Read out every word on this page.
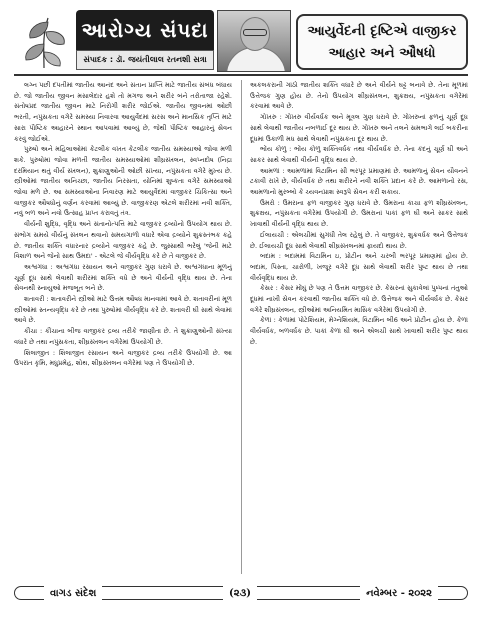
આરોગ્ય સંપદા
સંપાદક : ડૉ. જયંતીલાલ રતનશી સત્રા
આયુર્વેદની દૃષ્ટિએ વાજીકર
આહાર અને ઔષધો

લગ્ન પછી દંપતીમાં જાતીય આનંદ અને સંતાન પ્રાપ્તિ માટે જાતીય સંબંધ બંધાય છે. જો જાતીય જીવન મસાલેદાર હશે તો મગજ અને શરીર બંને તરોતાજા રહેશે. સંતોષપ્રદ જાતીય જીવન માટે નિરોગી શરીર જોઈએ. જાતીય જીવનમાં ઓછી ભરતી, નપુંસકતા વગેરે સમસ્યા નિવારવા આયુર્વેદમાં સરસ અને માનસિક તૃપ્તિ માટે સારા પૌષ્ટિક આહારને સ્થાન આપવામાં આવ્યું છે, જેથી પૌષ્ટિક આહારનું સેવન કરવું જોઈએ.

પુરુષો અને મહિલાઓમાં કેટલીક વખત કેટલીક જાતીય સમસ્યાઓ જોવા મળી શકે. પુરુષોમાં જોવા મળતી જાતીય સમસ્યાઓમાં શીઘ્રસ્ખલન, સ્વપ્નદોષ (નિદ્રા દરમિયાન થતું વીર્ય સ્ખલન), શુક્રાણુઓની ઓછી સંખ્યા, નપુંસકતા વગેરે મુખ્ય છે. સ્ત્રીઓમાં જાતીય અનિચ્છા, જાતીય નિરસતા, યોનિમાં શુષ્કતા વગેરે સમસ્યાઓ જોવા મળે છે. આ સમસ્યાઓના નિવારણ માટે આયુર્વેદમાં વાજીકર ચિકિત્સા અને વાજીકર ઔષધોનું વર્ણન કરવામાં આવ્યું છે. વાજીકરણ એટલે શરીરમાં નવી શક્તિ, નવું બળ અને નવો ઉત્સાહ પ્રાપ્ત કરાવતું તંત્ર.

વીર્યની શુદ્ધિ, વૃદ્ધિ અને સંતાનોત્પત્તિ માટે વાજીકર દ્રવ્યોનો ઉપયોગ થાય છે. સંભોગ સમયે વીર્યનું સ્ખલન થવાનો સમયગાળો વધારે એવા દ્રવ્યોને શુક્રસ્તંભક કહે છે. જાતીય શક્તિ વધારનાર દ્રવ્યોને વાજીકર કહે છે. જુસ્સાથી ભરેલું 'જેની માટે વિશાળ અને જેનો સાથ ઉમદા' - એટલે જે વીર્યવૃદ્ધિ કરે છે તે વાજીકર છે.

અશ્વગંધા : અશ્વગંધા રસાયન અને વાજીકર ગુણ ધરાવે છે. અશ્વગંધાના મૂળનું ચૂર્ણ દૂધ સાથે લેવાથી શરીરમાં શક્તિ વધે છે અને વીર્યની વૃદ્ધિ થાય છે. તેના સેવનથી સ્નાયુઓ મજબૂત બને છે.

શતાવરી : શતાવરીને સ્ત્રીઓ માટે ઉત્તમ ઔષધ માનવામાં આવે છે. શતાવરીનાં મૂળ સ્ત્રીઓમાં સ્તન્યવૃદ્ધિ કરે છે તથા પુરુષોમાં વીર્યવૃદ્ધિ કરે છે. શતાવરી ઘી સાથે લેવામાં આવે છે.

કૌંચા : કૌંચાના બીજ વાજીકર દ્રવ્ય તરીકે જાણીતા છે. તે શુક્રાણુઓની સંખ્યા વધારે છે તથા નપુંસકતા, શીઘ્રસ્ખલન વગેરેમાં ઉપયોગી છે.

શિલાજીત : શિલાજીત રસાયન અને વાજીકર દ્રવ્ય તરીકે ઉપયોગી છે. આ ઉપરાંત કૃમિ, મધુપ્રમેહ, શોથ, શીઘ્રસ્ખલન વગેરેમાં પણ તે ઉપયોગી છે.

અકલકરાની ગાંઠો જાતીય શક્તિ વધારે છે અને વીર્યને ઘટ્ટ બનાવે છે. તેના મૂળમાં ઉત્તેજક ગુણ હોય છે. તેનો ઉપયોગ શીઘ્રસ્ખલન, શુક્રક્ષય, નપુંસકતા વગેરેમાં કરવામાં આવે છે.

ગોખરુ : ગોખરુ વીર્યવર્ધક અને મૂત્રલ ગુણ ધરાવે છે. ગોખરુનાં ફળનું ચૂર્ણ દૂધ સાથે લેવાથી જાતીય નબળાઈ દૂર થાય છે. ગોખરુ અને તલને સમભાગે લઈ બકરીના દૂધમાં ઉકાળી મધ સાથે લેવાથી નપુંસકતા દૂર થાય છે.

ભોંય કોળું : ભોંય કોળું શક્તિવર્ધક તથા વીર્યવર્ધક છે. તેના કંદનું ચૂર્ણ ઘી અને સાકર સાથે લેવાથી વીર્યની વૃદ્ધિ થાય છે.

આમળાં : આમળાંમાં વિટામિન સી ભરપૂર પ્રમાણમાં છે. આમળાનું સેવન યૌવનને ટકાવી રાખે છે, વીર્યવર્ધક છે તથા શરીરને નવી શક્તિ પ્રદાન કરે છે. આમળાનો રસ, આમળાનો મુરબ્બો કે ચ્યવનપ્રાશ સ્વરૂપે સેવન કરી શકાય.

ઉમરો : ઉમરાના ફળ વાજીકર ગુણ ધરાવે છે. ઉમરાના કાચા ફળ શીઘ્રસ્ખલન, શુક્રક્ષય, નપુંસકતા વગેરેમાં ઉપયોગી છે. ઉમરાનાં પાકાં ફળ ઘી અને સાકર સાથે ખાવાથી વીર્યની વૃદ્ધિ થાય છે.

ઈલાયચી : એલચીમાં સુગંધી તેલ રહેલું છે. તે વાજીકર, શુક્રવર્ધક અને ઉત્તેજક છે. ઈલાયચી દૂધ સાથે લેવાથી શીઘ્રસ્ખલનમાં ફાયદો થાય છે.

બદામ : બદામમાં વિટામિન ઇ, પ્રોટીન અને ચરબી ભરપૂર પ્રમાણમાં હોય છે. બદામ, પિસ્તા, ચારોળી, ખજૂર વગેરે દૂધ સાથે લેવાથી શરીર પુષ્ટ થાય છે તથા વીર્યવૃદ્ધિ થાય છે.

કેસર : કેસર મોંઘું છે પણ તે ઉત્તમ વાજીકર છે. કેસરનાં સુકાવેલાં પુષ્પનાં તંતુઓ દૂધમાં નાખી સેવન કરવાથી જાતીય શક્તિ વધે છે. ઉત્તેજક અને વીર્યવર્ધક છે. કેસર વગેરે શીઘ્રસ્ખલન, સ્ત્રીઓમાં અનિયમિત માસિક વગેરેમાં ઉપયોગી છે.

કેળાં : કેળાંમાં પોટેશિયમ, મેગ્નેશિયમ, વિટામિન બી6 અને પ્રોટીન હોય છે. કેળાં વીર્યવર્ધક, બળવર્ધક છે. પાકાં કેળાં ઘી અને એલચી સાથે ખાવાથી શરીર પુષ્ટ થાય છે.

વાગડ સંદેશ	(૨૩)	નવેમ્બર - ૨૦૨૨
